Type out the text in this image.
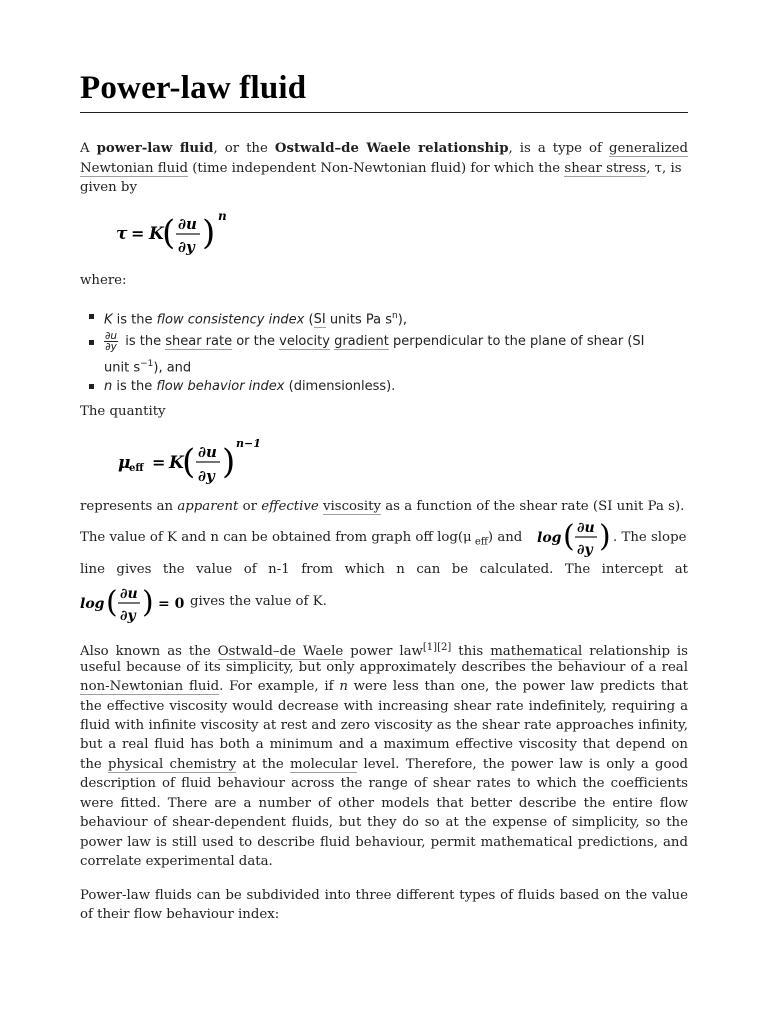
Power-law fluid

A power-law fluid, or the Ostwald–de Waele relationship, is a type of generalized

Newtonian fluid (time independent Non-Newtonian fluid) for which the shear stress, τ, is

given by

τ = K
( ∂u
∂y ) n

where:

K is the flow consistency index (SI units Pa $s^n$),
$\frac{\partial u}{\partial y}$ is the shear rate or the velocity gradient perpendicular to the plane of shear (SI
unit $s^{-1}$), and
n is the flow behavior index (dimensionless).

The quantity

μ
eff = K
( ∂u
∂y ) n−1

represents an apparent or effective viscosity as a function of the shear rate (SI unit Pa s).

The value of K and n can be obtained from graph off log(μ $_{eff}$) and log ( ∂u
∂y ) . The slope

line gives the value of n-1 from which n can be calculated. The intercept at

log ( ∂u
∂y ) = 0 gives the value of K.

Also known as the Ostwald–de Waele power law[1][2] this mathematical relationship is

useful because of its simplicity, but only approximately describes the behaviour of a real

non-Newtonian fluid. For example, if n were less than one, the power law predicts that

the effective viscosity would decrease with increasing shear rate indefinitely, requiring a

fluid with infinite viscosity at rest and zero viscosity as the shear rate approaches infinity,

but a real fluid has both a minimum and a maximum effective viscosity that depend on

the physical chemistry at the molecular level. Therefore, the power law is only a good

description of fluid behaviour across the range of shear rates to which the coefficients

were fitted. There are a number of other models that better describe the entire flow

behaviour of shear-dependent fluids, but they do so at the expense of simplicity, so the

power law is still used to describe fluid behaviour, permit mathematical predictions, and

correlate experimental data.

Power-law fluids can be subdivided into three different types of fluids based on the value

of their flow behaviour index:
